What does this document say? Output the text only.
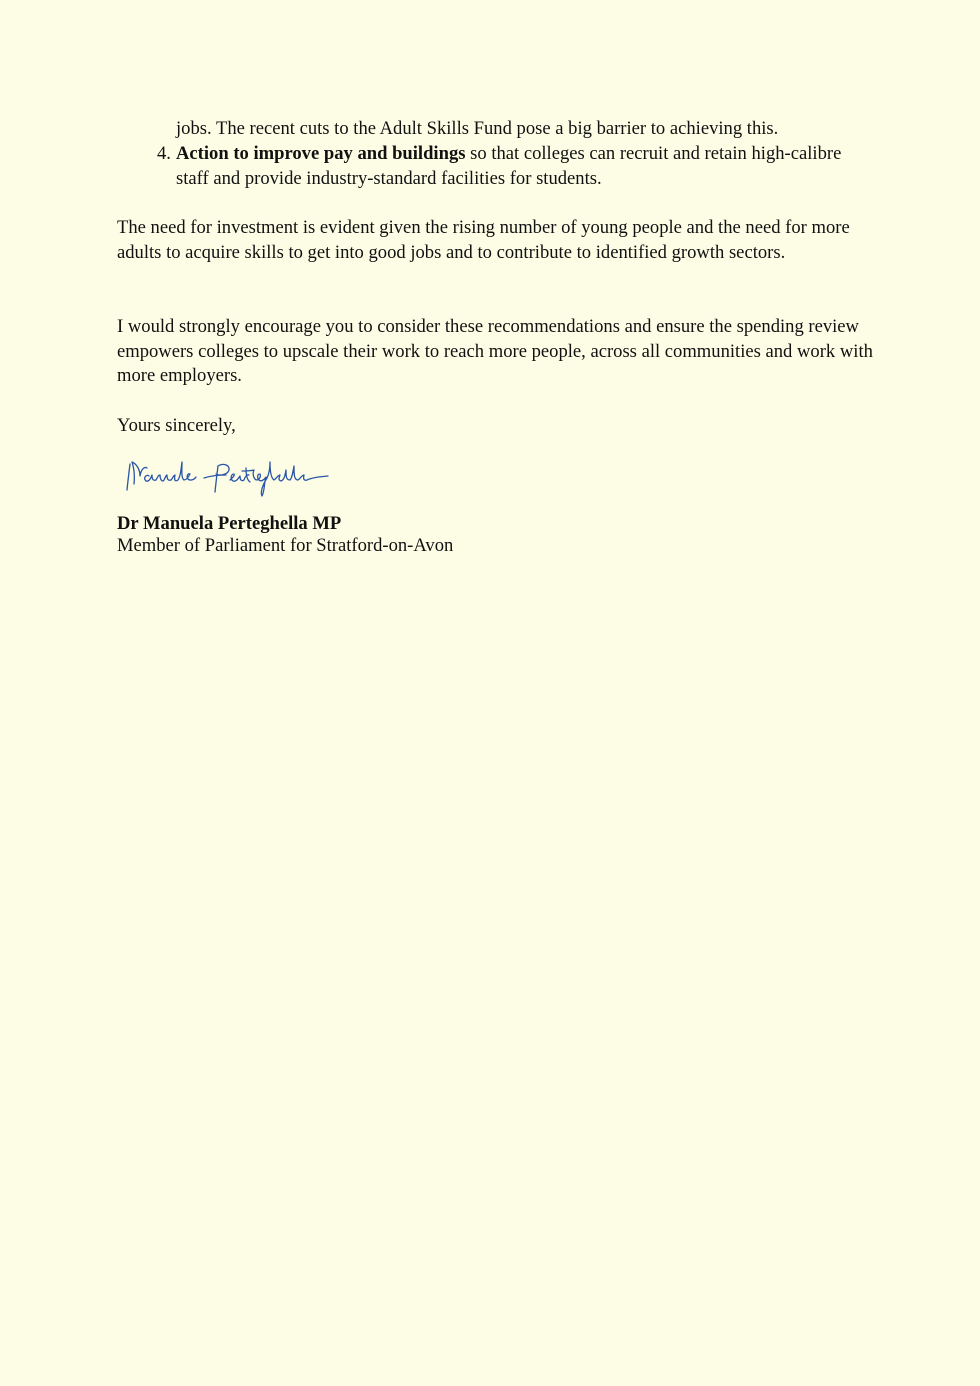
jobs. The recent cuts to the Adult Skills Fund pose a big barrier to achieving this.
4. Action to improve pay and buildings so that colleges can recruit and retain high-calibre staff and provide industry-standard facilities for students.
The need for investment is evident given the rising number of young people and the need for more adults to acquire skills to get into good jobs and to contribute to identified growth sectors.
I would strongly encourage you to consider these recommendations and ensure the spending review empowers colleges to upscale their work to reach more people, across all communities and work with more employers.
Yours sincerely,
Dr Manuela Perteghella MP
Member of Parliament for Stratford-on-Avon
